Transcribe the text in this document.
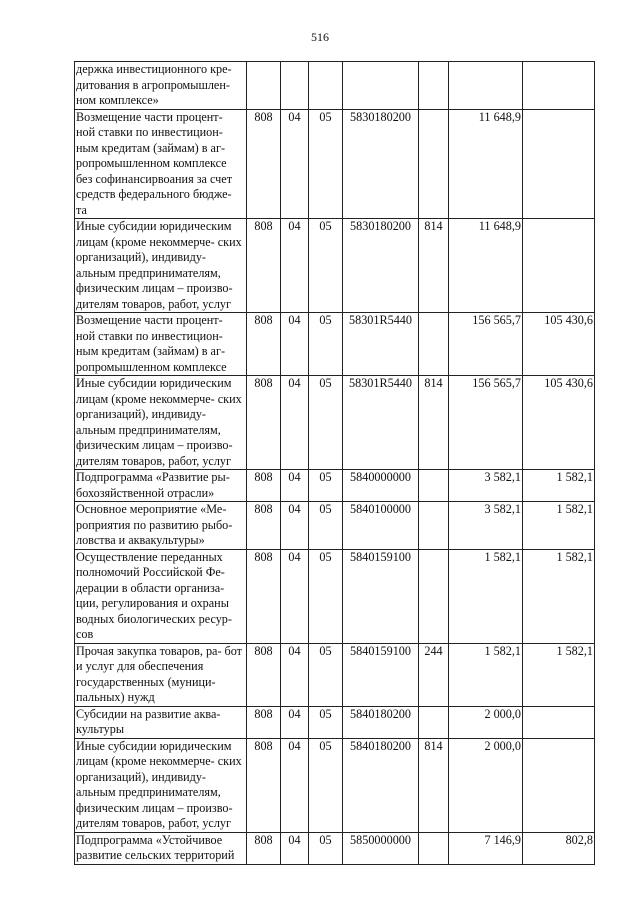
516
держка инвестиционного кре- дитования в агропромышлен- ном комплексе»							
Возмещение части процент- ной ставки по инвестицион- ным кредитам (займам) в аг- ропромышленном комплексе без софинансирвоания за счет средств федерального бюдже- та	808	04	05	5830180200		11 648,9	
Иные субсидии юридическим лицам (кроме некоммерче- ских организаций), индивиду- альным предпринимателям, физическим лицам – произво- дителям товаров, работ, услуг	808	04	05	5830180200	814	11 648,9	
Возмещение части процент- ной ставки по инвестицион- ным кредитам (займам) в аг- ропромышленном комплексе	808	04	05	58301R5440		156 565,7	105 430,6
Иные субсидии юридическим лицам (кроме некоммерче- ских организаций), индивиду- альным предпринимателям, физическим лицам – произво- дителям товаров, работ, услуг	808	04	05	58301R5440	814	156 565,7	105 430,6
Подпрограмма «Развитие ры- бохозяйственной отрасли»	808	04	05	5840000000		3 582,1	1 582,1
Основное мероприятие «Ме- роприятия по развитию рыбо- ловства и аквакультуры»	808	04	05	5840100000		3 582,1	1 582,1
Осуществление переданных полномочий Российской Фе- дерации в области организа- ции, регулирования и охраны водных биологических ресур- сов	808	04	05	5840159100		1 582,1	1 582,1
Прочая закупка товаров, ра- бот и услуг для обеспечения государственных (муници- пальных) нужд	808	04	05	5840159100	244	1 582,1	1 582,1
Субсидии на развитие аква- культуры	808	04	05	5840180200		2 000,0	
Иные субсидии юридическим лицам (кроме некоммерче- ских организаций), индивиду- альным предпринимателям, физическим лицам – произво- дителям товаров, работ, услуг	808	04	05	5840180200	814	2 000,0	
Подпрограмма «Устойчивое развитие сельских территорий	808	04	05	5850000000		7 146,9	802,8
